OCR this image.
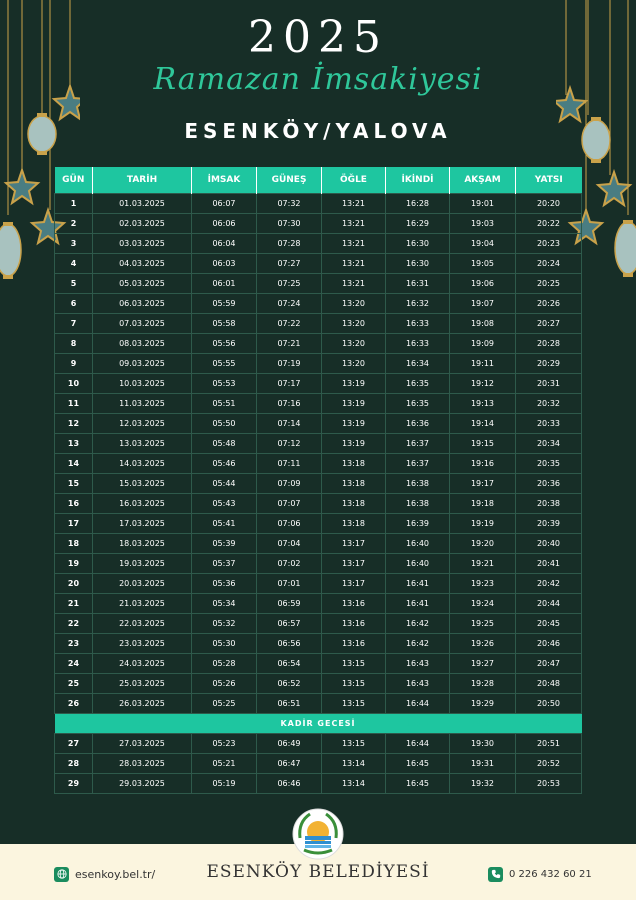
2025
Ramazan İmsakiyesi
ESENKÖY/YALOVA
GÜN	TARİH	İMSAK	GÜNEŞ	ÖĞLE	İKİNDİ	AKŞAM	YATSI
1	01.03.2025	06:07	07:32	13:21	16:28	19:01	20:20
2	02.03.2025	06:06	07:30	13:21	16:29	19:03	20:22
3	03.03.2025	06:04	07:28	13:21	16:30	19:04	20:23
4	04.03.2025	06:03	07:27	13:21	16:30	19:05	20:24
5	05.03.2025	06:01	07:25	13:21	16:31	19:06	20:25
6	06.03.2025	05:59	07:24	13:20	16:32	19:07	20:26
7	07.03.2025	05:58	07:22	13:20	16:33	19:08	20:27
8	08.03.2025	05:56	07:21	13:20	16:33	19:09	20:28
9	09.03.2025	05:55	07:19	13:20	16:34	19:11	20:29
10	10.03.2025	05:53	07:17	13:19	16:35	19:12	20:31
11	11.03.2025	05:51	07:16	13:19	16:35	19:13	20:32
12	12.03.2025	05:50	07:14	13:19	16:36	19:14	20:33
13	13.03.2025	05:48	07:12	13:19	16:37	19:15	20:34
14	14.03.2025	05:46	07:11	13:18	16:37	19:16	20:35
15	15.03.2025	05:44	07:09	13:18	16:38	19:17	20:36
16	16.03.2025	05:43	07:07	13:18	16:38	19:18	20:38
17	17.03.2025	05:41	07:06	13:18	16:39	19:19	20:39
18	18.03.2025	05:39	07:04	13:17	16:40	19:20	20:40
19	19.03.2025	05:37	07:02	13:17	16:40	19:21	20:41
20	20.03.2025	05:36	07:01	13:17	16:41	19:23	20:42
21	21.03.2025	05:34	06:59	13:16	16:41	19:24	20:44
22	22.03.2025	05:32	06:57	13:16	16:42	19:25	20:45
23	23.03.2025	05:30	06:56	13:16	16:42	19:26	20:46
24	24.03.2025	05:28	06:54	13:15	16:43	19:27	20:47
25	25.03.2025	05:26	06:52	13:15	16:43	19:28	20:48
26	26.03.2025	05:25	06:51	13:15	16:44	19:29	20:50
KADİR GECESİ							
27	27.03.2025	05:23	06:49	13:15	16:44	19:30	20:51
28	28.03.2025	05:21	06:47	13:14	16:45	19:31	20:52
29	29.03.2025	05:19	06:46	13:14	16:45	19:32	20:53
esenkoy.bel.tr/	ESENKÖY BELEDİYESİ	0 226 432 60 21
